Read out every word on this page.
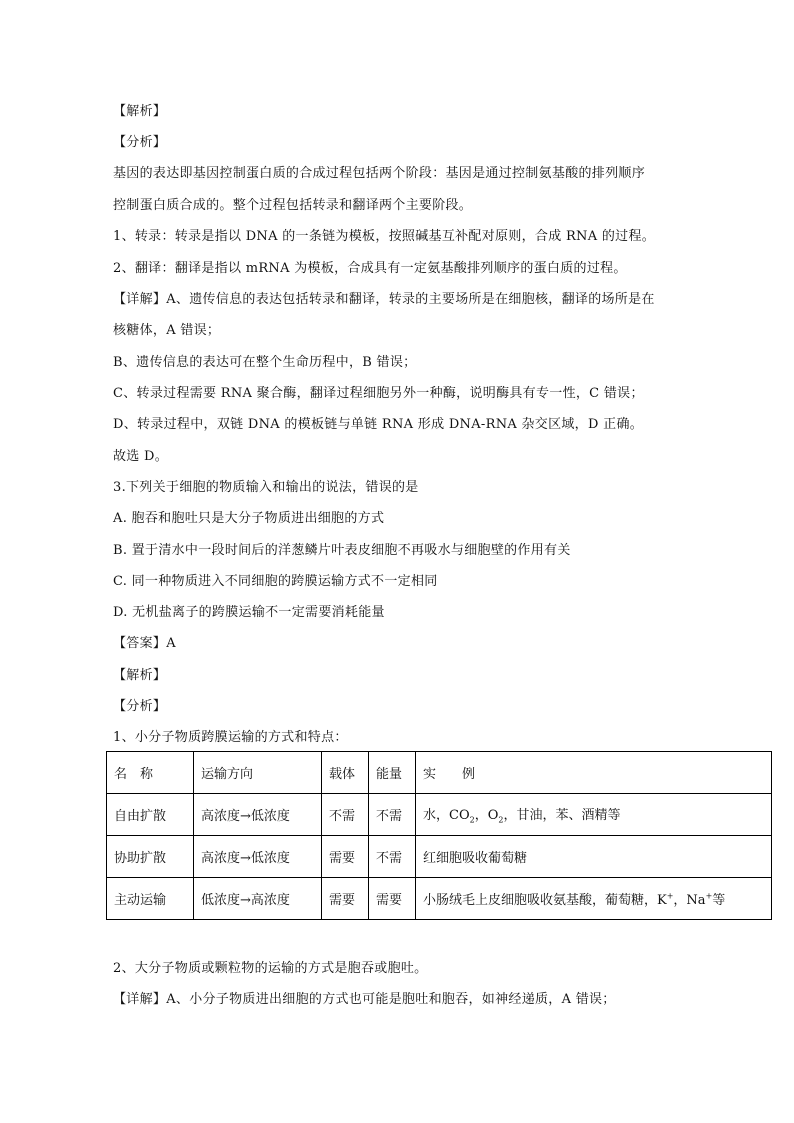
【解析】
【分析】
基因的表达即基因控制蛋白质的合成过程包括两个阶段：基因是通过控制氨基酸的排列顺序
控制蛋白质合成的。整个过程包括转录和翻译两个主要阶段。
1、转录：转录是指以 DNA 的一条链为模板，按照碱基互补配对原则，合成 RNA 的过程。
2、翻译：翻译是指以 mRNA 为模板，合成具有一定氨基酸排列顺序的蛋白质的过程。
【详解】A、遗传信息的表达包括转录和翻译，转录的主要场所是在细胞核，翻译的场所是在
核糖体，A 错误；
B、遗传信息的表达可在整个生命历程中，B 错误；
C、转录过程需要 RNA 聚合酶，翻译过程细胞另外一种酶，说明酶具有专一性，C 错误；
D、转录过程中，双链 DNA 的模板链与单链 RNA 形成 DNA-RNA 杂交区域，D 正确。
故选 D。
3.下列关于细胞的物质输入和输出的说法，错误的是
A. 胞吞和胞吐只是大分子物质进出细胞的方式
B. 置于清水中一段时间后的洋葱鳞片叶表皮细胞不再吸水与细胞壁的作用有关
C. 同一种物质进入不同细胞的跨膜运输方式不一定相同
D. 无机盐离子的跨膜运输不一定需要消耗能量
【答案】A
【解析】
【分析】
1、小分子物质跨膜运输的方式和特点：
名　称	运输方向	载体	能量	实　　例
自由扩散	高浓度→低浓度	不需	不需	水，$CO_2$，$O_2$，甘油，苯、酒精等
协助扩散	高浓度→低浓度	需要	不需	红细胞吸收葡萄糖
主动运输	低浓度→高浓度	需要	需要	小肠绒毛上皮细胞吸收氨基酸，葡萄糖，K+，Na+等
2、大分子物质或颗粒物的运输的方式是胞吞或胞吐。
【详解】A、小分子物质进出细胞的方式也可能是胞吐和胞吞，如神经递质，A 错误；
